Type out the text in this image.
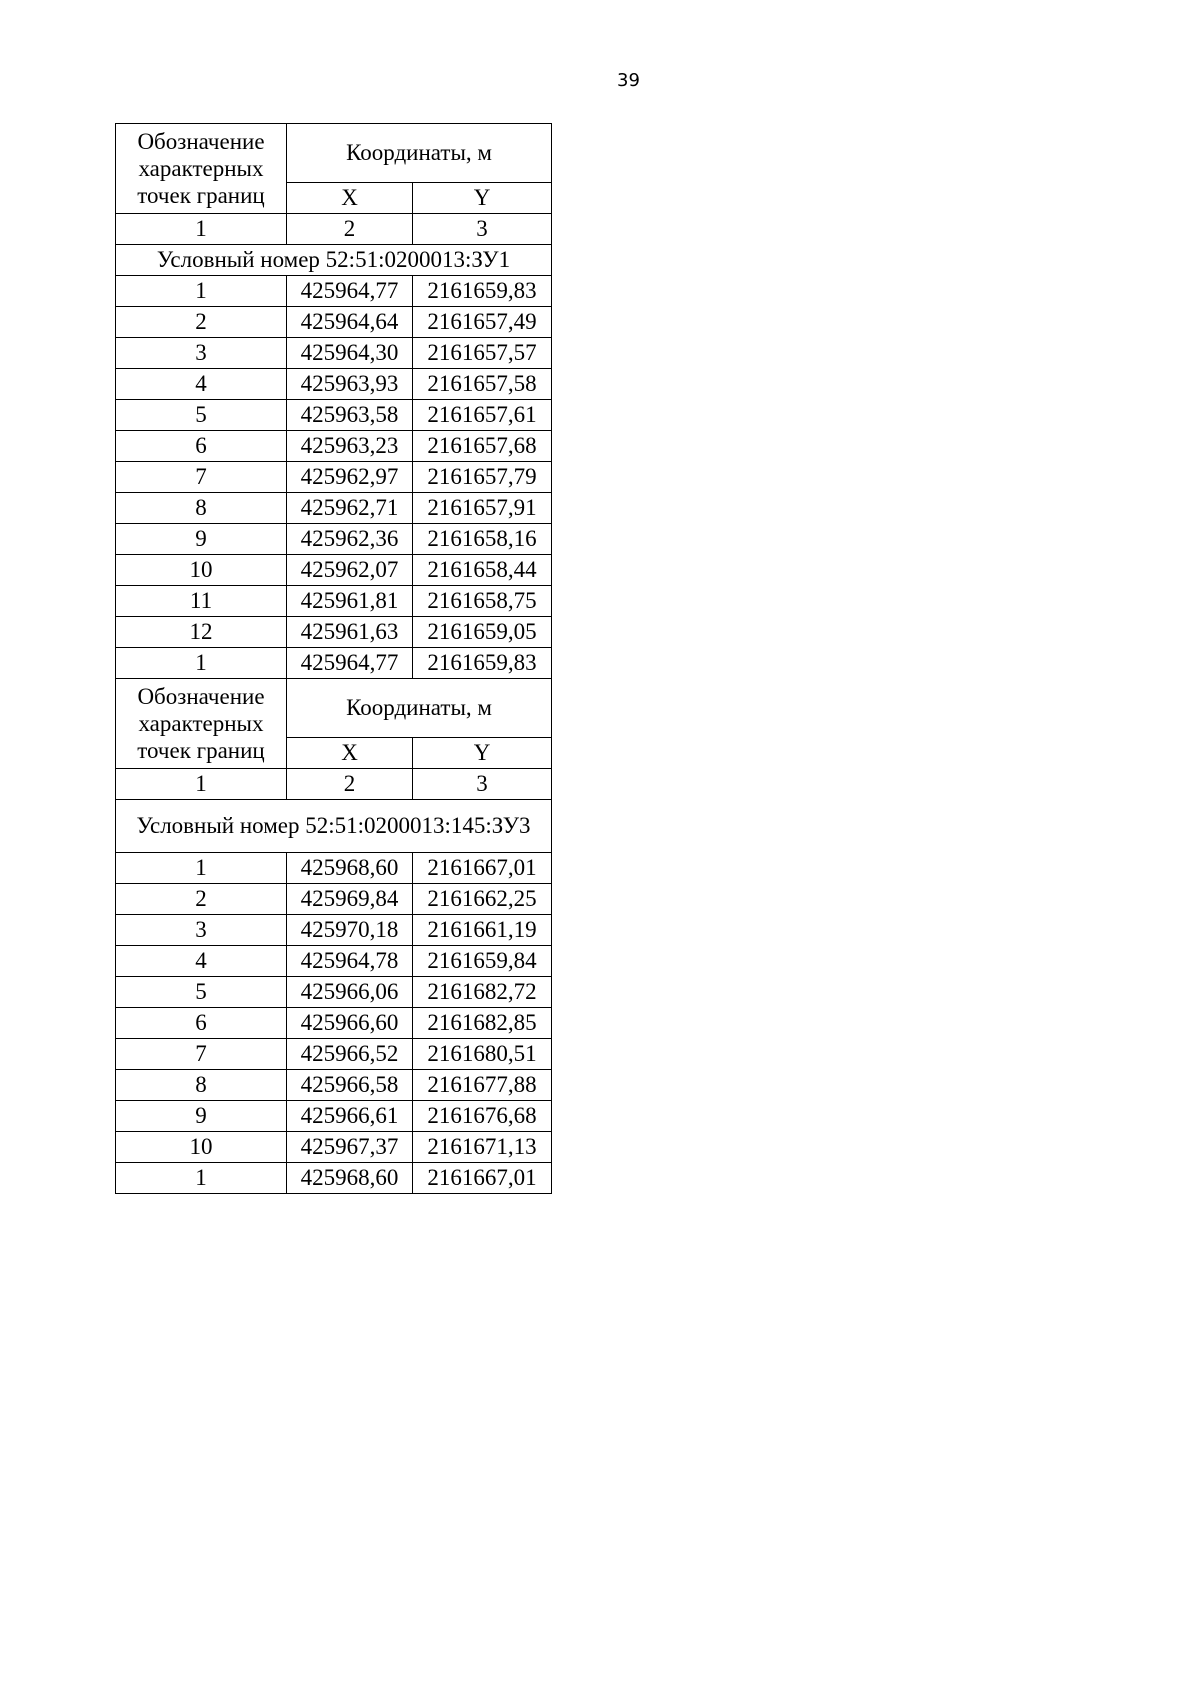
39
Обозначение характерных точек границ	Координаты, м	
	X	Y
1	2	3
Условный номер 52:51:0200013:ЗУ1		
1	425964,77	2161659,83
2	425964,64	2161657,49
3	425964,30	2161657,57
4	425963,93	2161657,58
5	425963,58	2161657,61
6	425963,23	2161657,68
7	425962,97	2161657,79
8	425962,71	2161657,91
9	425962,36	2161658,16
10	425962,07	2161658,44
11	425961,81	2161658,75
12	425961,63	2161659,05
1	425964,77	2161659,83
Обозначение характерных точек границ	Координаты, м	
	X	Y
1	2	3
Условный номер 52:51:0200013:145:ЗУ3		
1	425968,60	2161667,01
2	425969,84	2161662,25
3	425970,18	2161661,19
4	425964,78	2161659,84
5	425966,06	2161682,72
6	425966,60	2161682,85
7	425966,52	2161680,51
8	425966,58	2161677,88
9	425966,61	2161676,68
10	425967,37	2161671,13
1	425968,60	2161667,01
